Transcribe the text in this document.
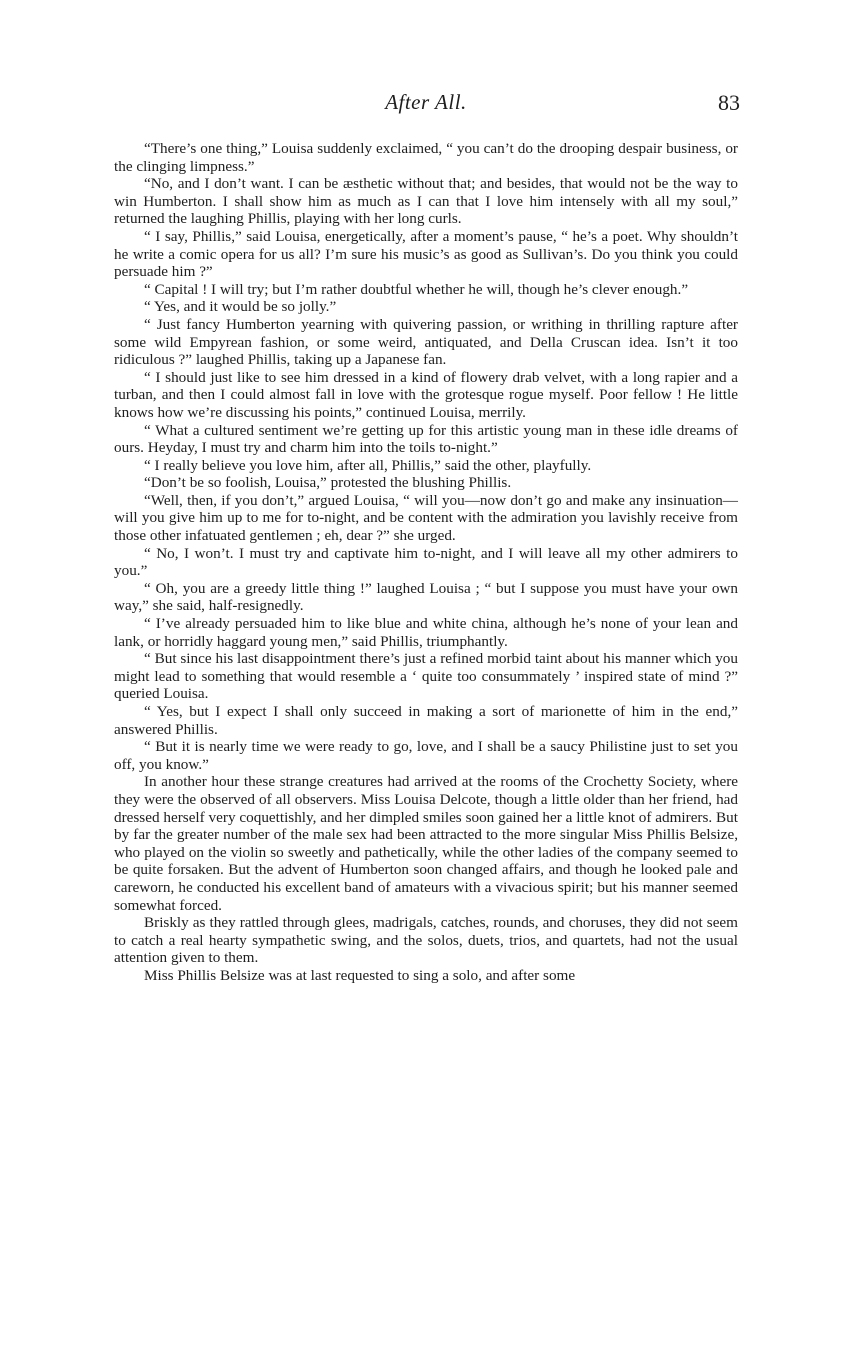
After All.	83

“There’s one thing,” Louisa suddenly exclaimed, “ you can’t do the drooping despair business, or the clinging limpness.”

“No, and I don’t want. I can be æsthetic without that; and besides, that would not be the way to win Humberton. I shall show him as much as I can that I love him intensely with all my soul,” returned the laughing Phillis, playing with her long curls.

“ I say, Phillis,” said Louisa, energetically, after a moment’s pause, “ he’s a poet. Why shouldn’t he write a comic opera for us all? I’m sure his music’s as good as Sullivan’s. Do you think you could persuade him ?”

“ Capital ! I will try; but I’m rather doubtful whether he will, though he’s clever enough.”

“ Yes, and it would be so jolly.”

“ Just fancy Humberton yearning with quivering passion, or writhing in thrilling rapture after some wild Empyrean fashion, or some weird, antiquated, and Della Cruscan idea. Isn’t it too ridiculous ?” laughed Phillis, taking up a Japanese fan.

“ I should just like to see him dressed in a kind of flowery drab velvet, with a long rapier and a turban, and then I could almost fall in love with the grotesque rogue myself. Poor fellow ! He little knows how we’re discussing his points,” continued Louisa, merrily.

“ What a cultured sentiment we’re getting up for this artistic young man in these idle dreams of ours. Heyday, I must try and charm him into the toils to-night.”

“ I really believe you love him, after all, Phillis,” said the other, playfully.

“Don’t be so foolish, Louisa,” protested the blushing Phillis.

“Well, then, if you don’t,” argued Louisa, “ will you—now don’t go and make any insinuation—will you give him up to me for to-night, and be content with the admiration you lavishly receive from those other infatuated gentlemen ; eh, dear ?” she urged.

“ No, I won’t. I must try and captivate him to-night, and I will leave all my other admirers to you.”

“ Oh, you are a greedy little thing !” laughed Louisa ; “ but I suppose you must have your own way,” she said, half-resignedly.

“ I’ve already persuaded him to like blue and white china, although he’s none of your lean and lank, or horridly haggard young men,” said Phillis, triumphantly.

“ But since his last disappointment there’s just a refined morbid taint about his manner which you might lead to something that would resemble a ‘ quite too consummately ’ inspired state of mind ?” queried Louisa.

“ Yes, but I expect I shall only succeed in making a sort of marionette of him in the end,” answered Phillis.

“ But it is nearly time we were ready to go, love, and I shall be a saucy Philistine just to set you off, you know.”

In another hour these strange creatures had arrived at the rooms of the Crochetty Society, where they were the observed of all observers. Miss Louisa Delcote, though a little older than her friend, had dressed herself very coquettishly, and her dimpled smiles soon gained her a little knot of admirers. But by far the greater number of the male sex had been attracted to the more singular Miss Phillis Belsize, who played on the violin so sweetly and pathetically, while the other ladies of the company seemed to be quite forsaken. But the advent of Humberton soon changed affairs, and though he looked pale and careworn, he conducted his excellent band of amateurs with a vivacious spirit; but his manner seemed somewhat forced.

Briskly as they rattled through glees, madrigals, catches, rounds, and choruses, they did not seem to catch a real hearty sympathetic swing, and the solos, duets, trios, and quartets, had not the usual attention given to them.

Miss Phillis Belsize was at last requested to sing a solo, and after some
